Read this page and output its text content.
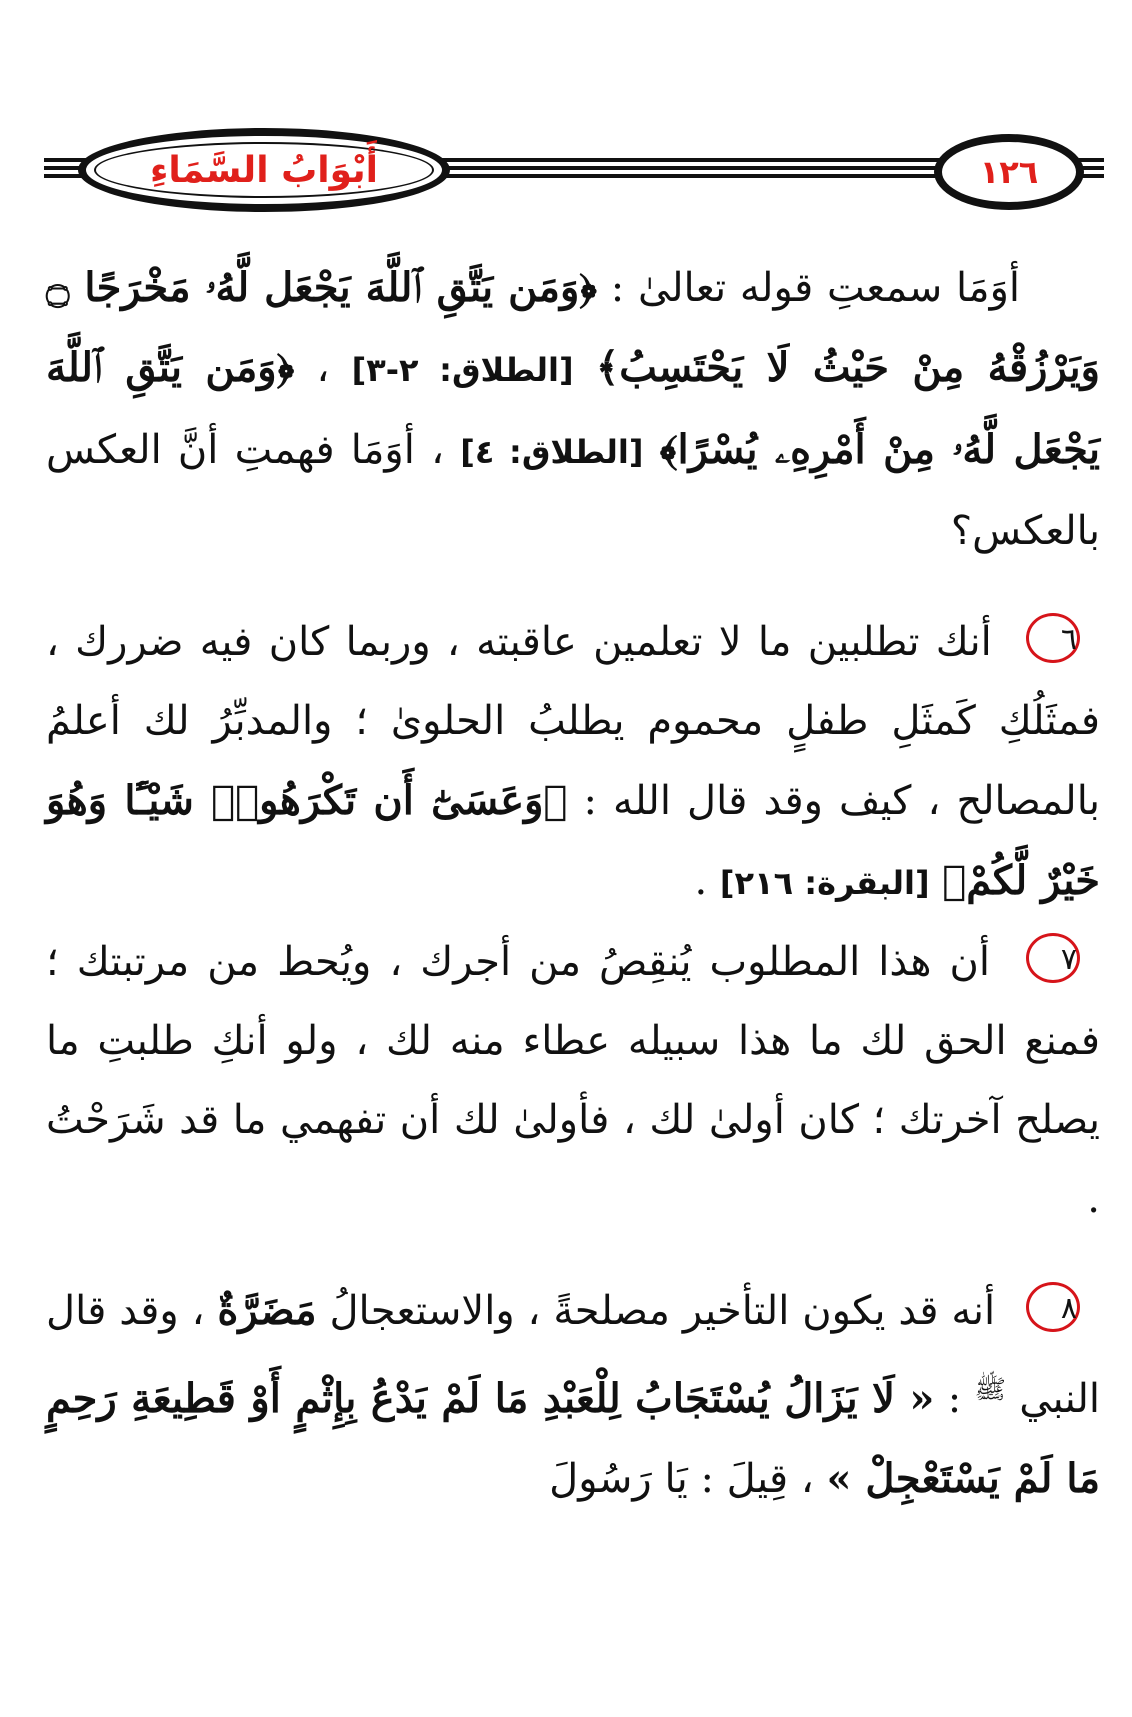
أَبْوَابُ السَّمَاءِ	١٢٦

أوَمَا سمعتِ قوله تعالىٰ : ﴿وَمَن يَتَّقِ ٱللَّهَ يَجْعَل لَّهُۥ مَخْرَجًا ۝ وَيَرْزُقْهُ مِنْ حَيْثُ لَا يَحْتَسِبُ﴾ [الطلاق: ٢-٣] ، ﴿وَمَن يَتَّقِ ٱللَّهَ يَجْعَل لَّهُۥ مِنْ أَمْرِهِۦ يُسْرًا﴾ [الطلاق: ٤] ، أوَمَا فهمتِ أنَّ العكس بالعكس؟

٦ أنك تطلبين ما لا تعلمين عاقبته ، وربما كان فيه ضررك ، فمثَلُكِ كَمثَلِ طفلٍ محموم يطلبُ الحلوىٰ ؛ والمدبِّرُ لك أعلمُ بالمصالح ، كيف وقد قال الله : ﴿وَعَسَىٰٓ أَن تَكْرَهُوا۟ شَيْـًٔا وَهُوَ خَيْرٌ لَّكُمْ﴾ [البقرة: ٢١٦] .

٧ أن هذا المطلوب يُنقِصُ من أجرك ، ويُحط من مرتبتك ؛ فمنع الحق لك ما هذا سبيله عطاء منه لك ، ولو أنكِ طلبتِ ما يصلح آخرتك ؛ كان أولىٰ لك ، فأولىٰ لك أن تفهمي ما قد شَرَحْتُ .

٨ أنه قد يكون التأخير مصلحةً ، والاستعجالُ مَضَرَّةٌ ، وقد قال النبي $^ﷺ$ : « لَا يَزَالُ يُسْتَجَابُ لِلْعَبْدِ مَا لَمْ يَدْعُ بِإِثْمٍ أَوْ قَطِيعَةِ رَحِمٍ مَا لَمْ يَسْتَعْجِلْ » ، قِيلَ : يَا رَسُولَ
